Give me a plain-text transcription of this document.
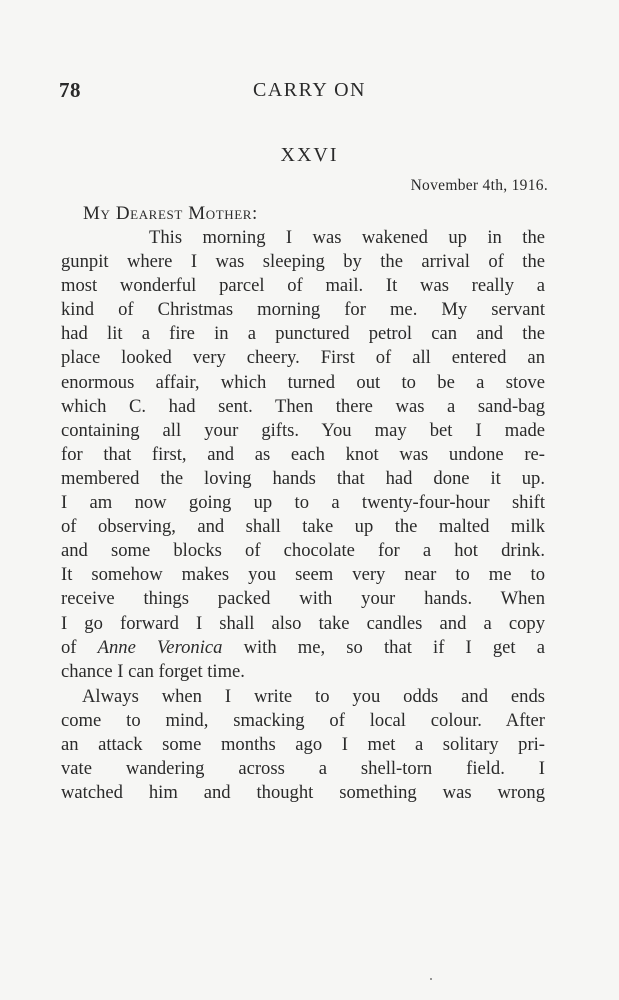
78	CARRY ON

XXVI

November 4th, 1916.

My Dearest Mother:

This morning I was wakened up in the
gunpit where I was sleeping by the arrival of the
most wonderful parcel of mail. It was really a
kind of Christmas morning for me. My servant
had lit a fire in a punctured petrol can and the
place looked very cheery. First of all entered an
enormous affair, which turned out to be a stove
which C. had sent. Then there was a sand-bag
containing all your gifts. You may bet I made
for that first, and as each knot was undone re-
membered the loving hands that had done it up.
I am now going up to a twenty-four-hour shift
of observing, and shall take up the malted milk
and some blocks of chocolate for a hot drink.
It somehow makes you seem very near to me to
receive things packed with your hands. When
I go forward I shall also take candles and a copy
of Anne Veronica with me, so that if I get a
chance I can forget time.

Always when I write to you odds and ends
come to mind, smacking of local colour. After
an attack some months ago I met a solitary pri-
vate wandering across a shell-torn field. I
watched him and thought something was wrong
